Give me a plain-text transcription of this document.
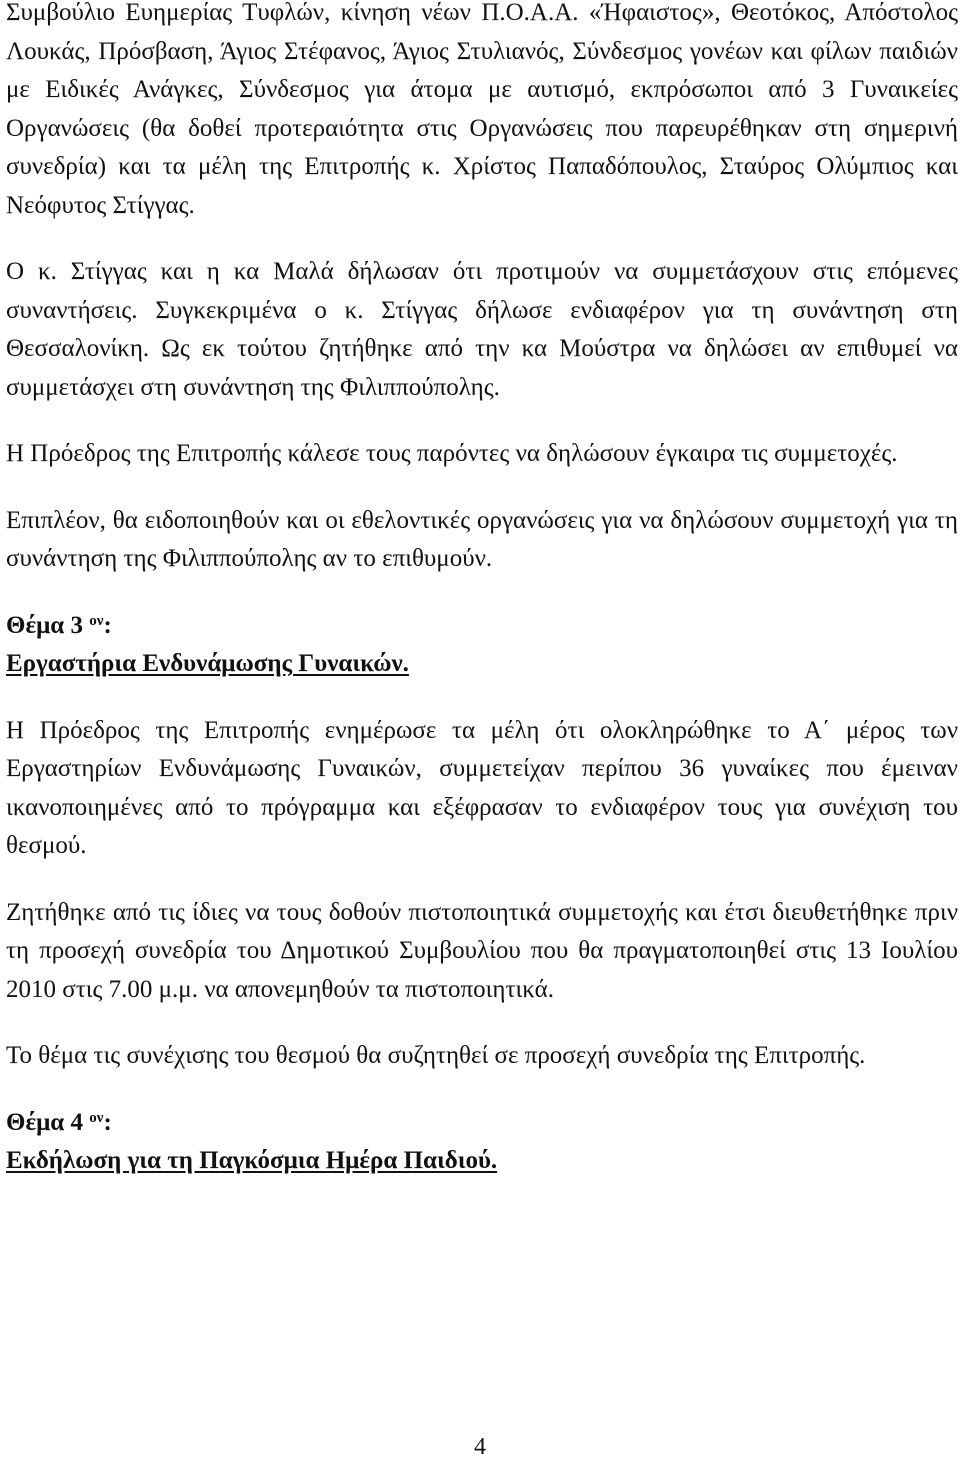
Συμβούλιο Ευημερίας Τυφλών, κίνηση νέων Π.Ο.Α.Α. «Ήφαιστος», Θεοτόκος, Απόστολος Λουκάς, Πρόσβαση, Άγιος Στέφανος, Άγιος Στυλιανός, Σύνδεσμος γονέων και φίλων παιδιών με Ειδικές Ανάγκες, Σύνδεσμος για άτομα με αυτισμό, εκπρόσωποι από 3 Γυναικείες Οργανώσεις (θα δοθεί προτεραιότητα στις Οργανώσεις που παρευρέθηκαν στη σημερινή συνεδρία) και τα μέλη της Επιτροπής κ. Χρίστος Παπαδόπουλος, Σταύρος Ολύμπιος και Νεόφυτος Στίγγας.

Ο κ. Στίγγας και η κα Μαλά δήλωσαν ότι προτιμούν να συμμετάσχουν στις επόμενες συναντήσεις. Συγκεκριμένα ο κ. Στίγγας δήλωσε ενδιαφέρον για τη συνάντηση στη Θεσσαλονίκη. Ως εκ τούτου ζητήθηκε από την κα Μούστρα να δηλώσει αν επιθυμεί να συμμετάσχει στη συνάντηση της Φιλιππούπολης.

Η Πρόεδρος της Επιτροπής κάλεσε τους παρόντες να δηλώσουν έγκαιρα τις συμμετοχές.

Επιπλέον, θα ειδοποιηθούν και οι εθελοντικές οργανώσεις για να δηλώσουν συμμετοχή για τη συνάντηση της Φιλιππούπολης αν το επιθυμούν.

Θέμα 3 $^{o\nu}$:

Εργαστήρια Ενδυνάμωσης Γυναικών.

Η Πρόεδρος της Επιτροπής ενημέρωσε τα μέλη ότι ολοκληρώθηκε το Α΄ μέρος των Εργαστηρίων Ενδυνάμωσης Γυναικών, συμμετείχαν περίπου 36 γυναίκες που έμειναν ικανοποιημένες από το πρόγραμμα και εξέφρασαν το ενδιαφέρον τους για συνέχιση του θεσμού.

Ζητήθηκε από τις ίδιες να τους δοθούν πιστοποιητικά συμμετοχής και έτσι διευθετήθηκε πριν τη προσεχή συνεδρία του Δημοτικού Συμβουλίου που θα πραγματοποιηθεί στις 13 Ιουλίου 2010 στις 7.00 μ.μ. να απονεμηθούν τα πιστοποιητικά.

Το θέμα τις συνέχισης του θεσμού θα συζητηθεί σε προσεχή συνεδρία της Επιτροπής.

Θέμα 4 $^{o\nu}$:

Εκδήλωση για τη Παγκόσμια Ημέρα Παιδιού.

4
